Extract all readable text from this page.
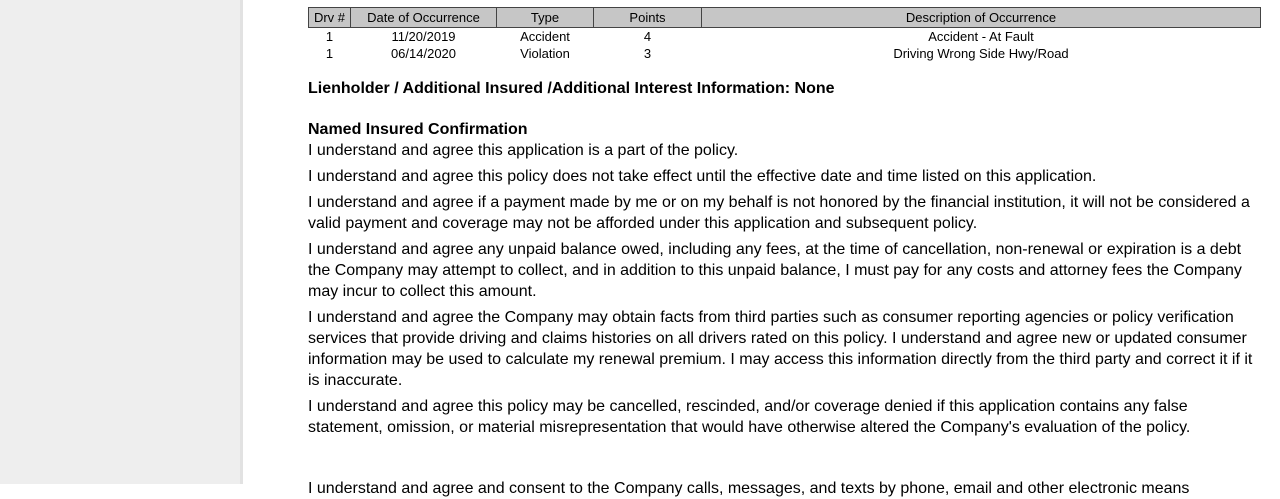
Drv #	Date of Occurrence	Type	Points	Description of Occurrence
1	11/20/2019	Accident	4	Accident - At Fault
1	06/14/2020	Violation	3	Driving Wrong Side Hwy/Road
Lienholder / Additional Insured /Additional Interest Information: None
Named Insured Confirmation

I understand and agree this application is a part of the policy.

I understand and agree this policy does not take effect until the effective date and time listed on this application.

I understand and agree if a payment made by me or on my behalf is not honored by the financial institution, it will not be considered a valid payment and coverage may not be afforded under this application and subsequent policy.

I understand and agree any unpaid balance owed, including any fees, at the time of cancellation, non-renewal or expiration is a debt the Company may attempt to collect, and in addition to this unpaid balance, I must pay for any costs and attorney fees the Company may incur to collect this amount.

I understand and agree the Company may obtain facts from third parties such as consumer reporting agencies or policy verification services that provide driving and claims histories on all drivers rated on this policy. I understand and agree new or updated consumer information may be used to calculate my renewal premium. I may access this information directly from the third party and correct it if it is inaccurate.

I understand and agree this policy may be cancelled, rescinded, and/or coverage denied if this application contains any false statement, omission, or material misrepresentation that would have otherwise altered the Company's evaluation of the policy.

I understand and agree and consent to the Company calls, messages, and texts by phone, email and other electronic means
